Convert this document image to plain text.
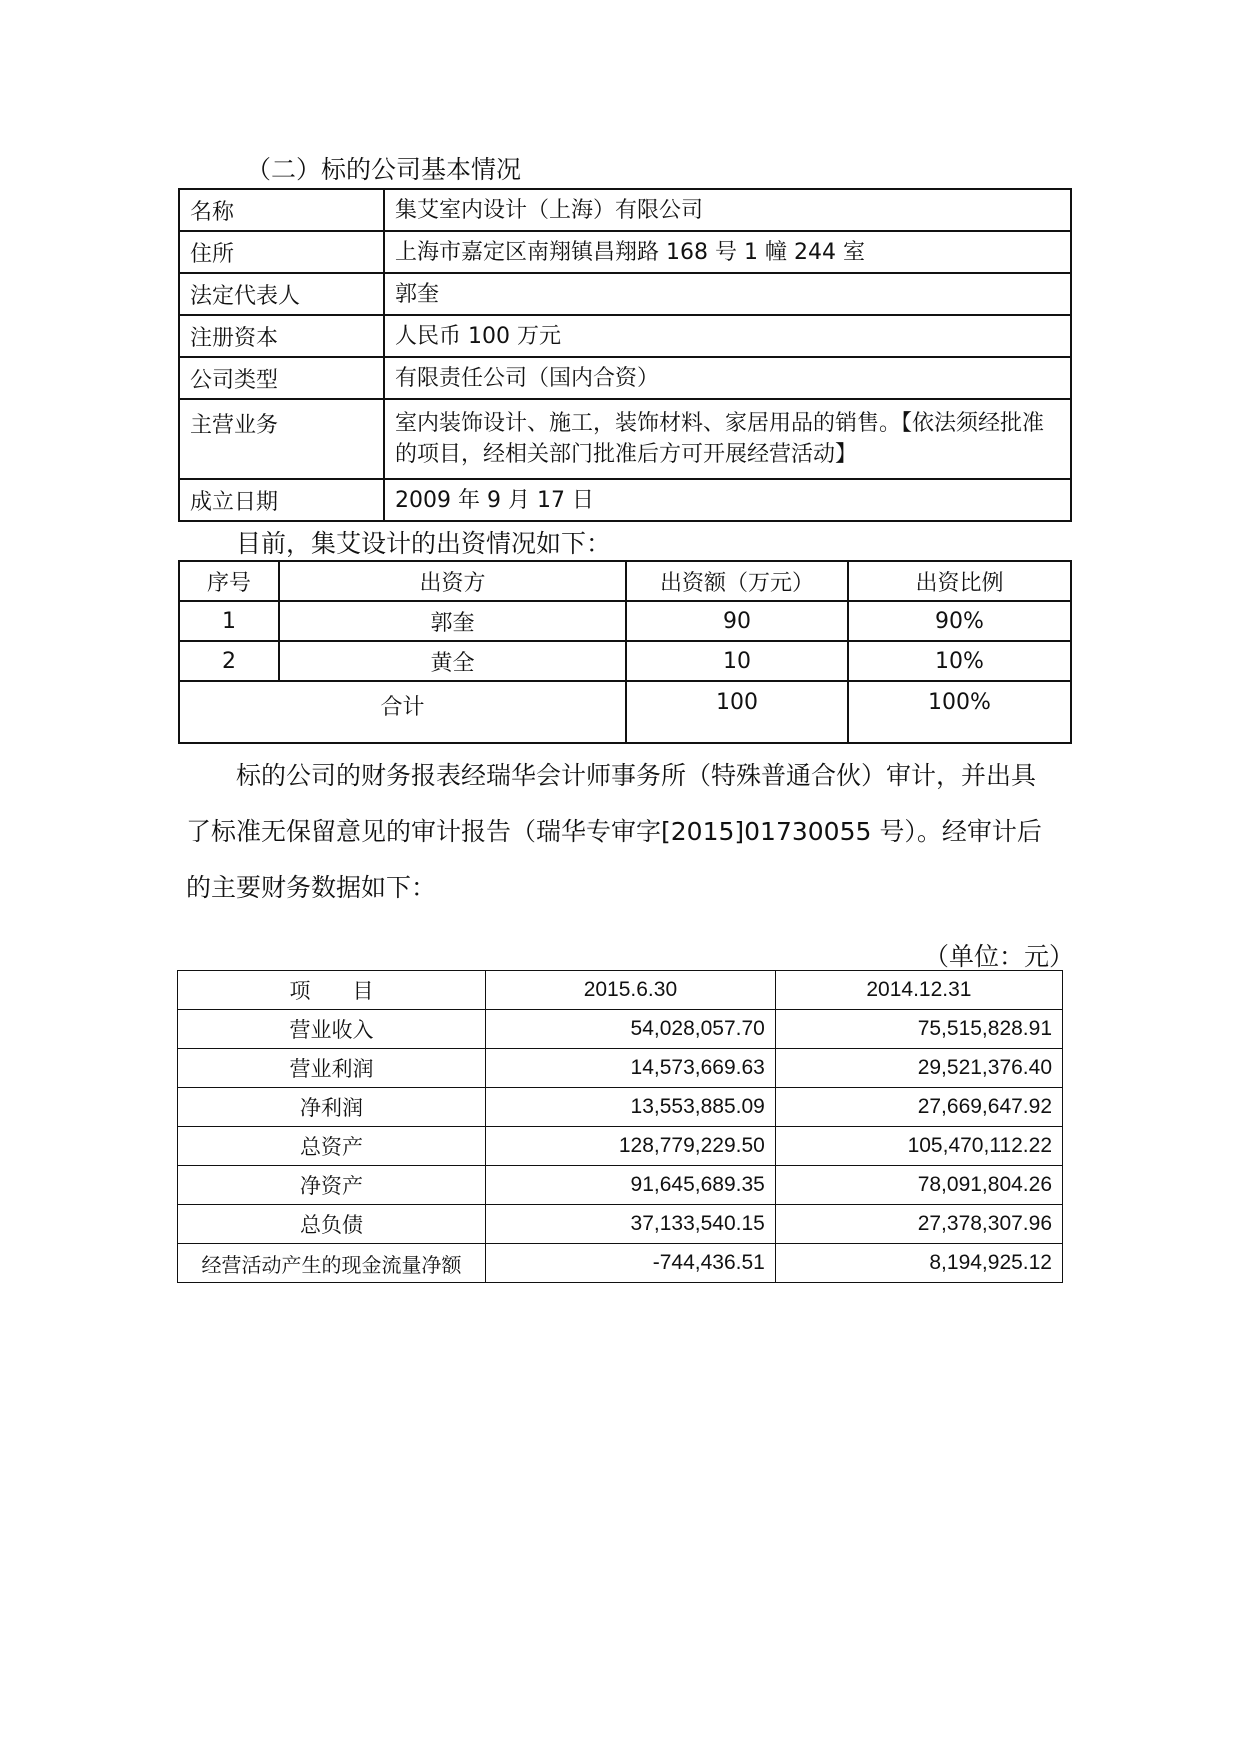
（二）标的公司基本情况
名称	集艾室内设计（上海）有限公司
住所	上海市嘉定区南翔镇昌翔路 168 号 1 幢 244 室
法定代表人	郭奎
注册资本	人民币 100 万元
公司类型	有限责任公司（国内合资）
主营业务	室内装饰设计、施工，装饰材料、家居用品的销售。【依法须经批准的项目，经相关部门批准后方可开展经营活动】
成立日期	2009 年 9 月 17 日
目前，集艾设计的出资情况如下：
序号	出资方	出资额（万元）	出资比例
1	郭奎	90	90%
2	黄全	10	10%
合计		100	100%
标的公司的财务报表经瑞华会计师事务所（特殊普通合伙）审计，并出具
了标准无保留意见的审计报告（瑞华专审字[2015]01730055 号）。经审计后
的主要财务数据如下：
（单位：元）
项　　目	2015.6.30	2014.12.31
营业收入	54,028,057.70	75,515,828.91
营业利润	14,573,669.63	29,521,376.40
净利润	13,553,885.09	27,669,647.92
总资产	128,779,229.50	105,470,112.22
净资产	91,645,689.35	78,091,804.26
总负债	37,133,540.15	27,378,307.96
经营活动产生的现金流量净额	-744,436.51	8,194,925.12
